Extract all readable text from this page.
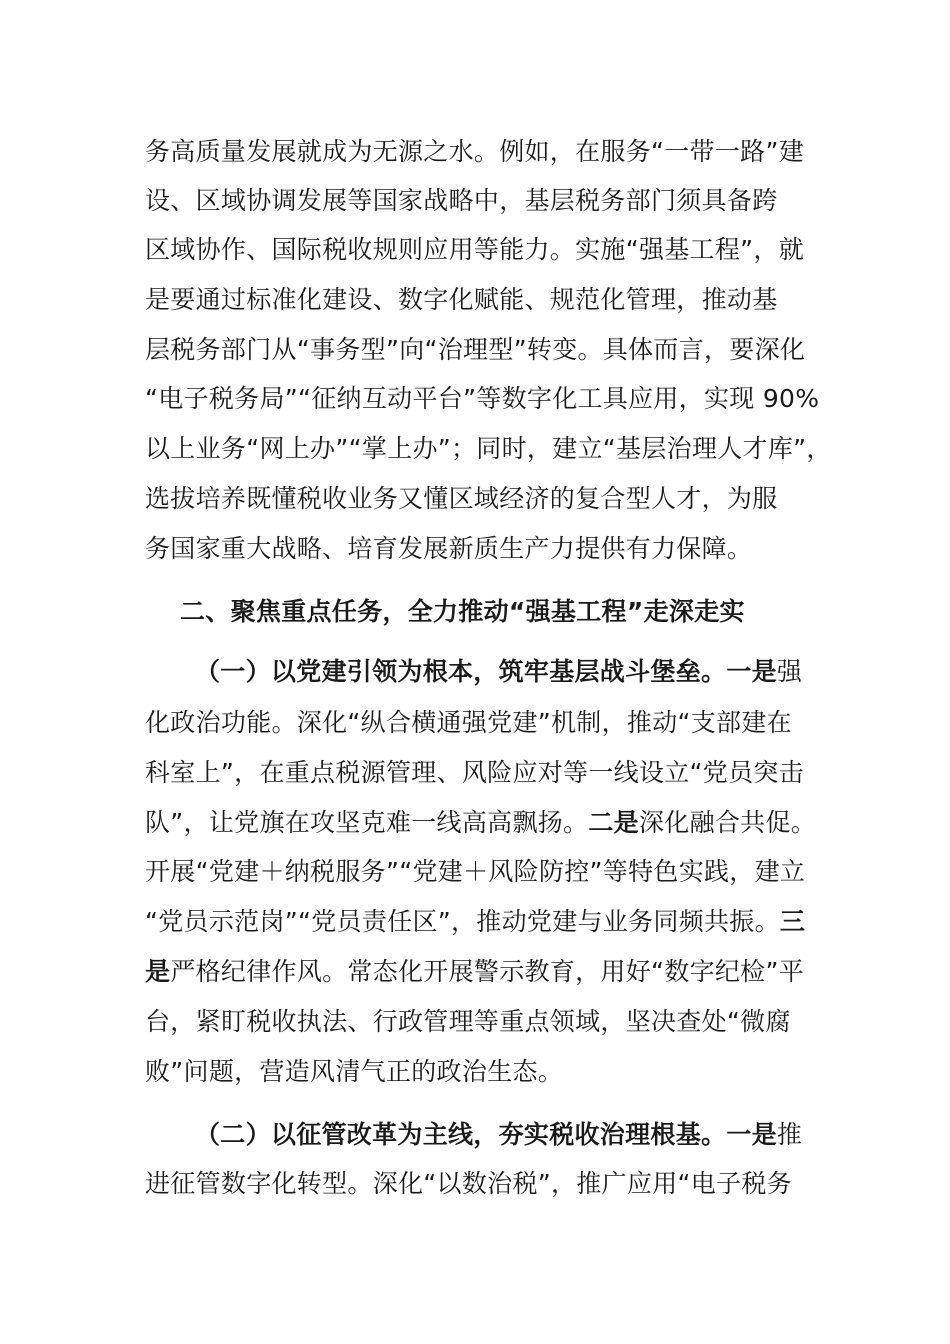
务高质量发展就成为无源之水。例如，在服务“一带一路”建
设、区域协调发展等国家战略中，基层税务部门须具备跨
区域协作、国际税收规则应用等能力。实施“强基工程”，就
是要通过标准化建设、数字化赋能、规范化管理，推动基
层税务部门从“事务型”向“治理型”转变。具体而言，要深化
“电子税务局”“征纳互动平台”等数字化工具应用，实现 90%
以上业务“网上办”“掌上办”；同时，建立“基层治理人才库”，
选拔培养既懂税收业务又懂区域经济的复合型人才，为服
务国家重大战略、培育发展新质生产力提供有力保障。
二、聚焦重点任务，全力推动“强基工程”走深走实
（一）以党建引领为根本，筑牢基层战斗堡垒。一是强
化政治功能。深化“纵合横通强党建”机制，推动“支部建在
科室上”，在重点税源管理、风险应对等一线设立“党员突击
队”，让党旗在攻坚克难一线高高飘扬。二是深化融合共促。
开展“党建＋纳税服务”“党建＋风险防控”等特色实践，建立
“党员示范岗”“党员责任区”，推动党建与业务同频共振。三
是严格纪律作风。常态化开展警示教育，用好“数字纪检”平
台，紧盯税收执法、行政管理等重点领域，坚决查处“微腐
败”问题，营造风清气正的政治生态。
（二）以征管改革为主线，夯实税收治理根基。一是推
进征管数字化转型。深化“以数治税”，推广应用“电子税务
